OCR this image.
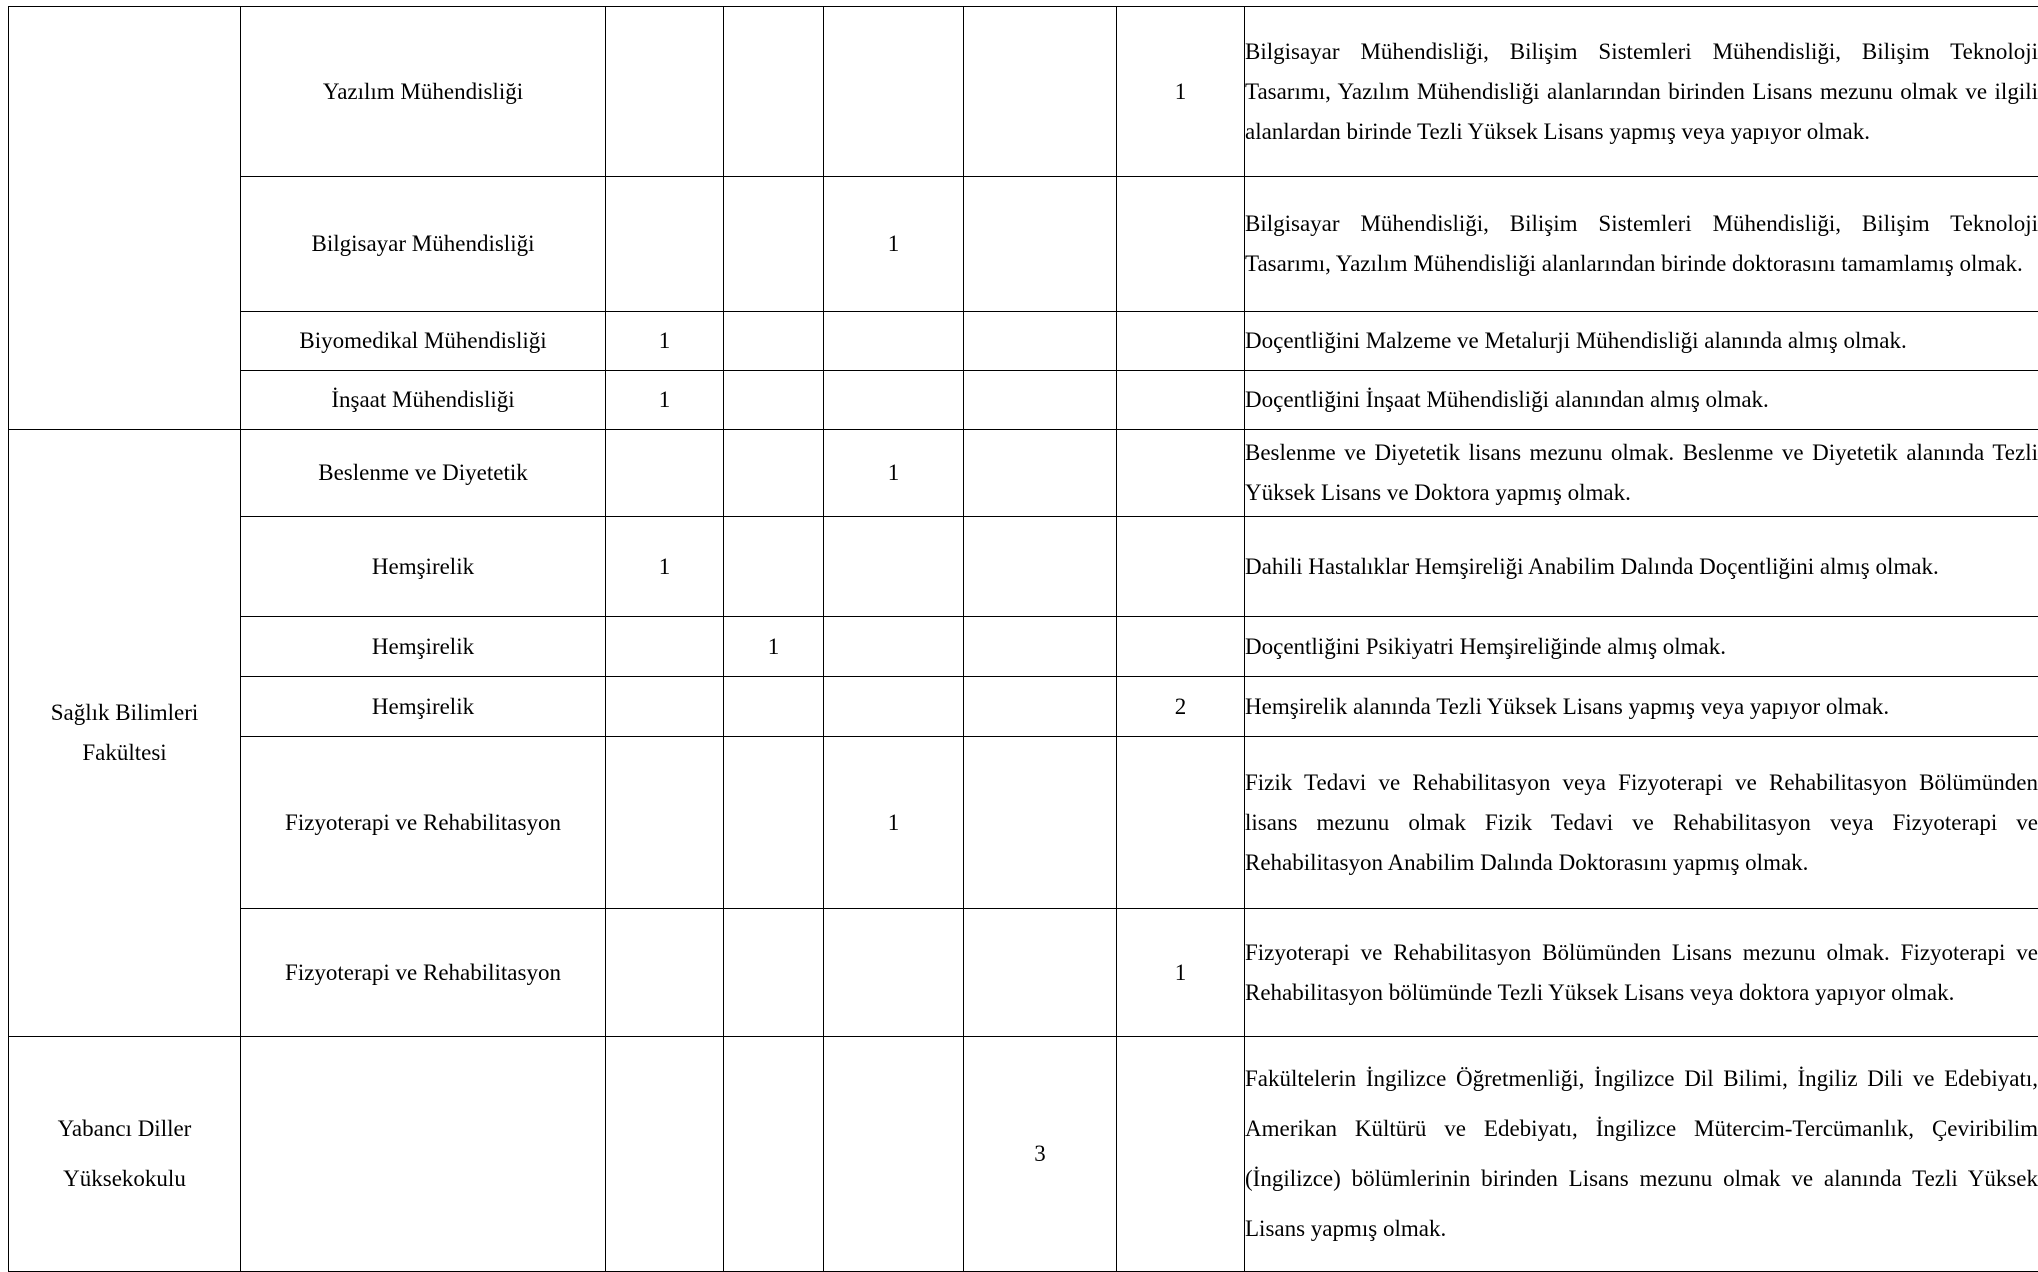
	Yazılım Mühendisliği					1	Bilgisayar Mühendisliği, Bilişim Sistemleri Mühendisliği, Bilişim Teknoloji Tasarımı, Yazılım Mühendisliği alanlarından birinden Lisans mezunu olmak ve ilgili alanlardan birinde Tezli Yüksek Lisans yapmış veya yapıyor olmak.
	Bilgisayar Mühendisliği			1			Bilgisayar Mühendisliği, Bilişim Sistemleri Mühendisliği, Bilişim Teknoloji Tasarımı, Yazılım Mühendisliği alanlarından birinde doktorasını tamamlamış olmak.
	Biyomedikal Mühendisliği	1					Doçentliğini Malzeme ve Metalurji Mühendisliği alanında almış olmak.
	İnşaat Mühendisliği	1					Doçentliğini İnşaat Mühendisliği alanından almış olmak.
Sağlık Bilimleri Fakültesi	Beslenme ve Diyetetik			1			Beslenme ve Diyetetik lisans mezunu olmak. Beslenme ve Diyetetik alanında Tezli Yüksek Lisans ve Doktora yapmış olmak.
	Hemşirelik	1					Dahili Hastalıklar Hemşireliği Anabilim Dalında Doçentliğini almış olmak.
	Hemşirelik		1				Doçentliğini Psikiyatri Hemşireliğinde almış olmak.
	Hemşirelik					2	Hemşirelik alanında Tezli Yüksek Lisans yapmış veya yapıyor olmak.
	Fizyoterapi ve Rehabilitasyon			1			Fizik Tedavi ve Rehabilitasyon veya Fizyoterapi ve Rehabilitasyon Bölümünden lisans mezunu olmak Fizik Tedavi ve Rehabilitasyon veya Fizyoterapi ve Rehabilitasyon Anabilim Dalında Doktorasını yapmış olmak.
	Fizyoterapi ve Rehabilitasyon					1	Fizyoterapi ve Rehabilitasyon Bölümünden Lisans mezunu olmak. Fizyoterapi ve Rehabilitasyon bölümünde Tezli Yüksek Lisans veya doktora yapıyor olmak.
Yabancı Diller Yüksekokulu					3		Fakültelerin İngilizce Öğretmenliği, İngilizce Dil Bilimi, İngiliz Dili ve Edebiyatı, Amerikan Kültürü ve Edebiyatı, İngilizce Mütercim-Tercümanlık, Çeviribilim (İngilizce) bölümlerinin birinden Lisans mezunu olmak ve alanında Tezli Yüksek Lisans yapmış olmak.
